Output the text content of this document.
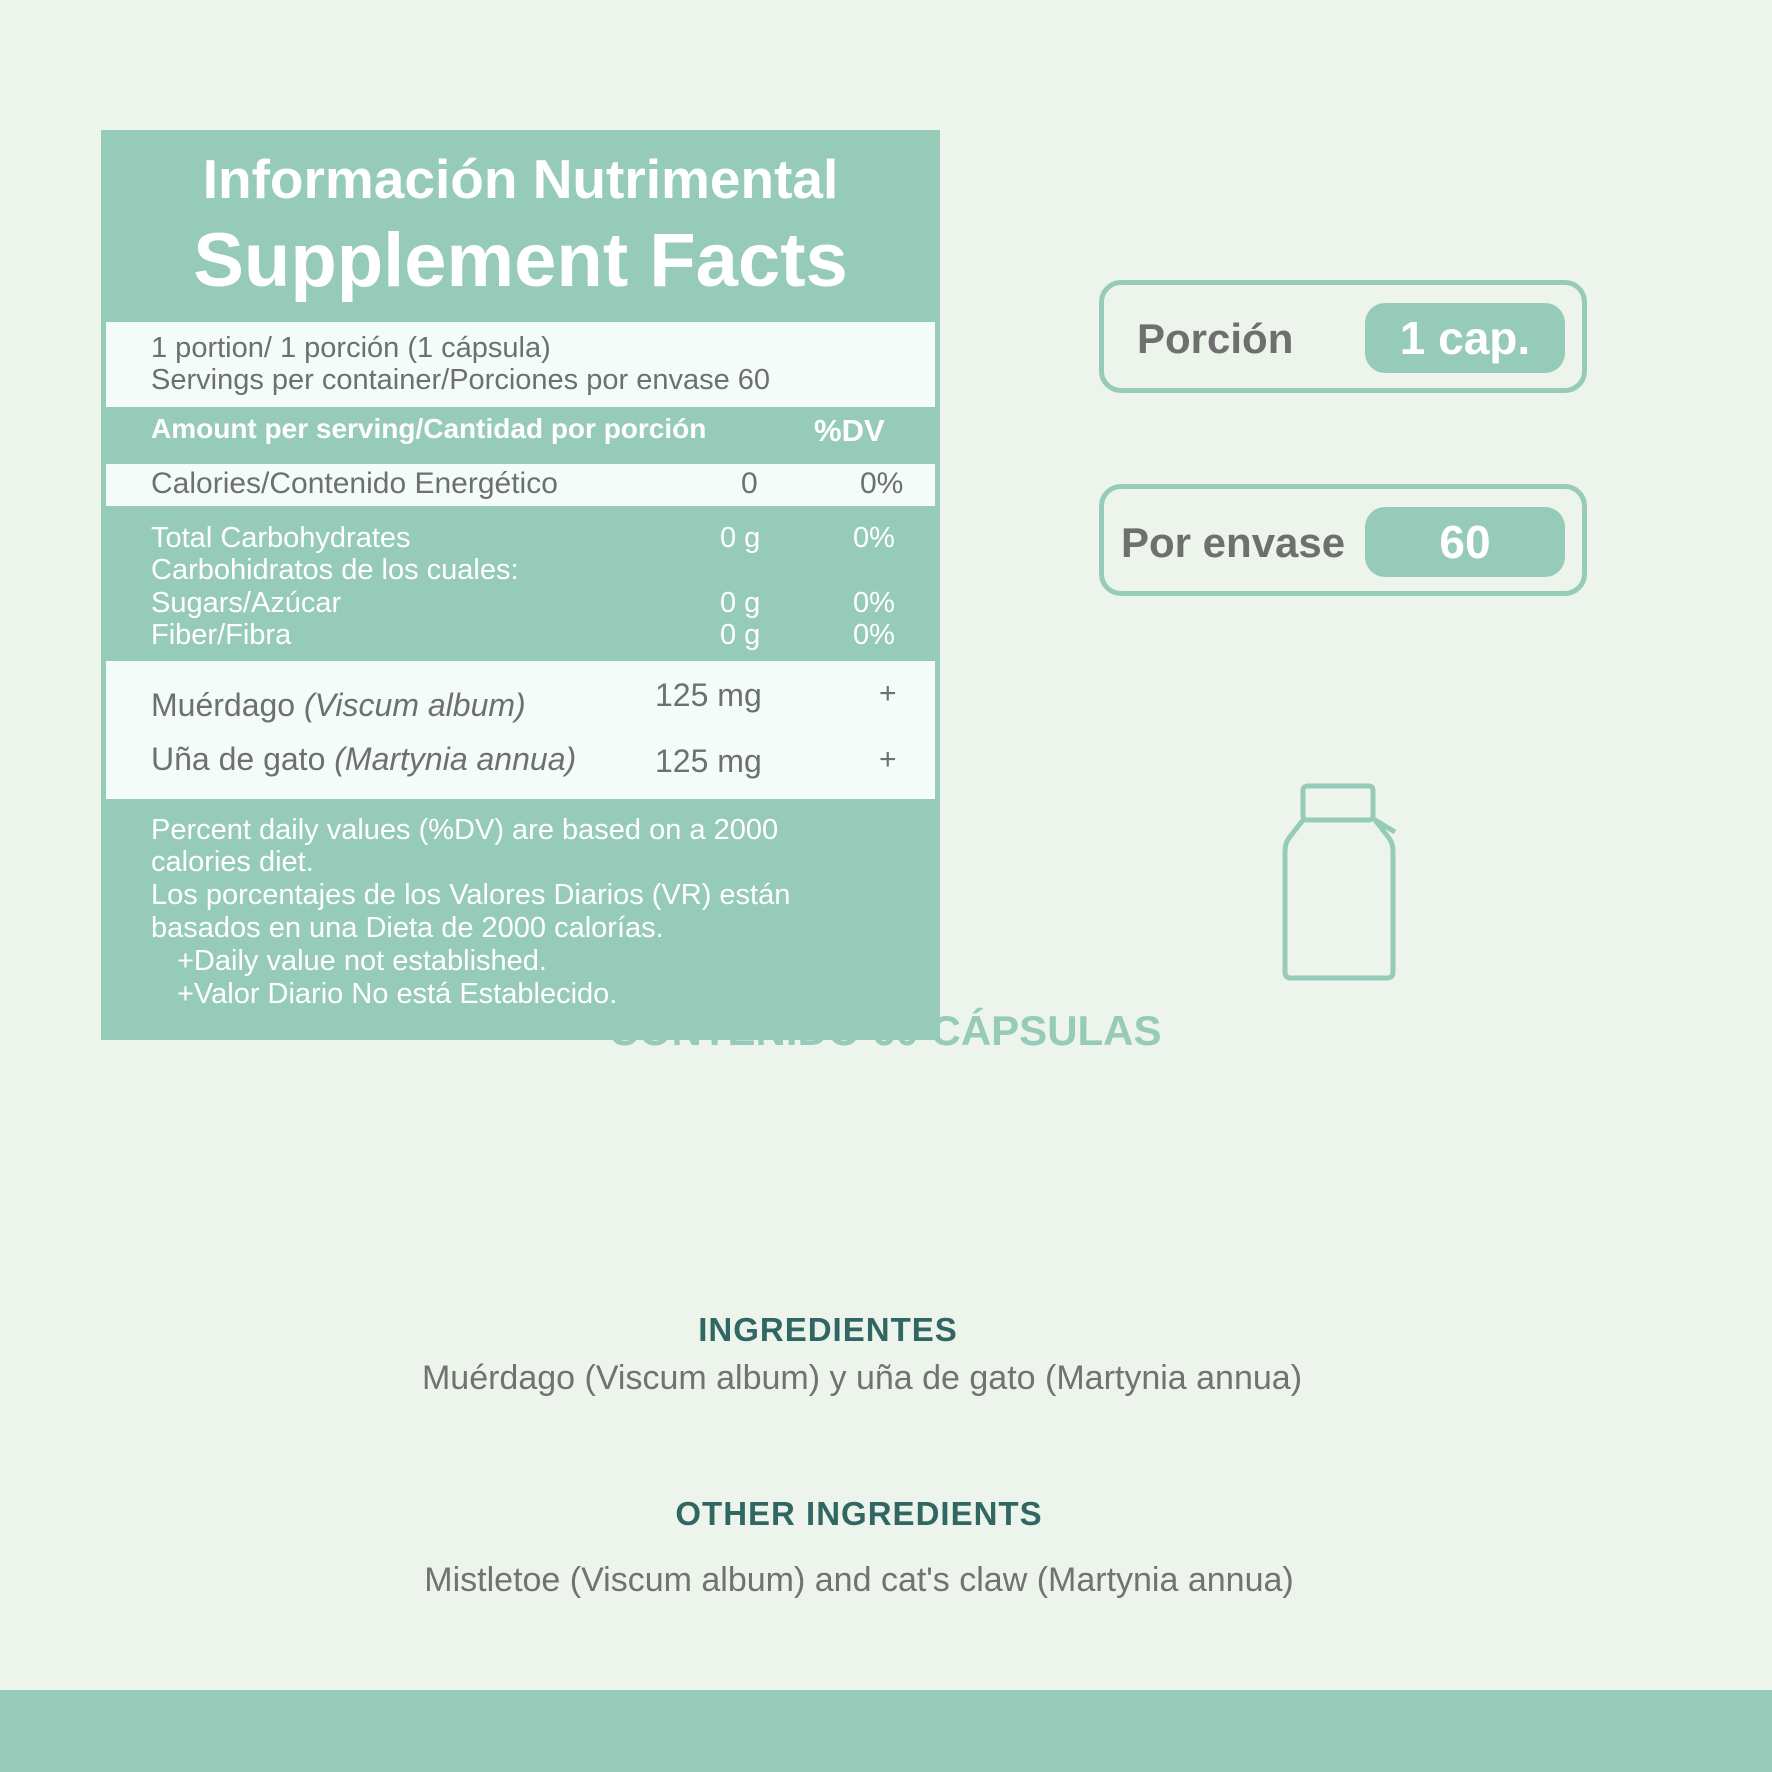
Información Nutrimental
Supplement Facts
1 portion/ 1 porción (1 cápsula)
Servings per container/Porciones por envase 60
Amount per serving/Cantidad por porción	%DV
Calories/Contenido Energético	0	0%
Total Carbohydrates	0 g	0%
Carbohidratos de los cuales:
Sugars/Azúcar	0 g	0%
Fiber/Fibra	0 g	0%
Muérdago (Viscum album)	125 mg	+
Uña de gato (Martynia annua) 125 mg	+
Percent daily values (%DV) are based on a 2000
calories diet.
Los porcentajes de los Valores Diarios (VR) están
basados en una Dieta de 2000 calorías.
+Daily value not established.
+Valor Diario No está Establecido.
Porción	1 cap.
Por envase	60
CONTENIDO 60 CÁPSULAS
INGREDIENTES
Muérdago (Viscum album) y uña de gato (Martynia annua)
OTHER INGREDIENTS
Mistletoe (Viscum album) and cat's claw (Martynia annua)
